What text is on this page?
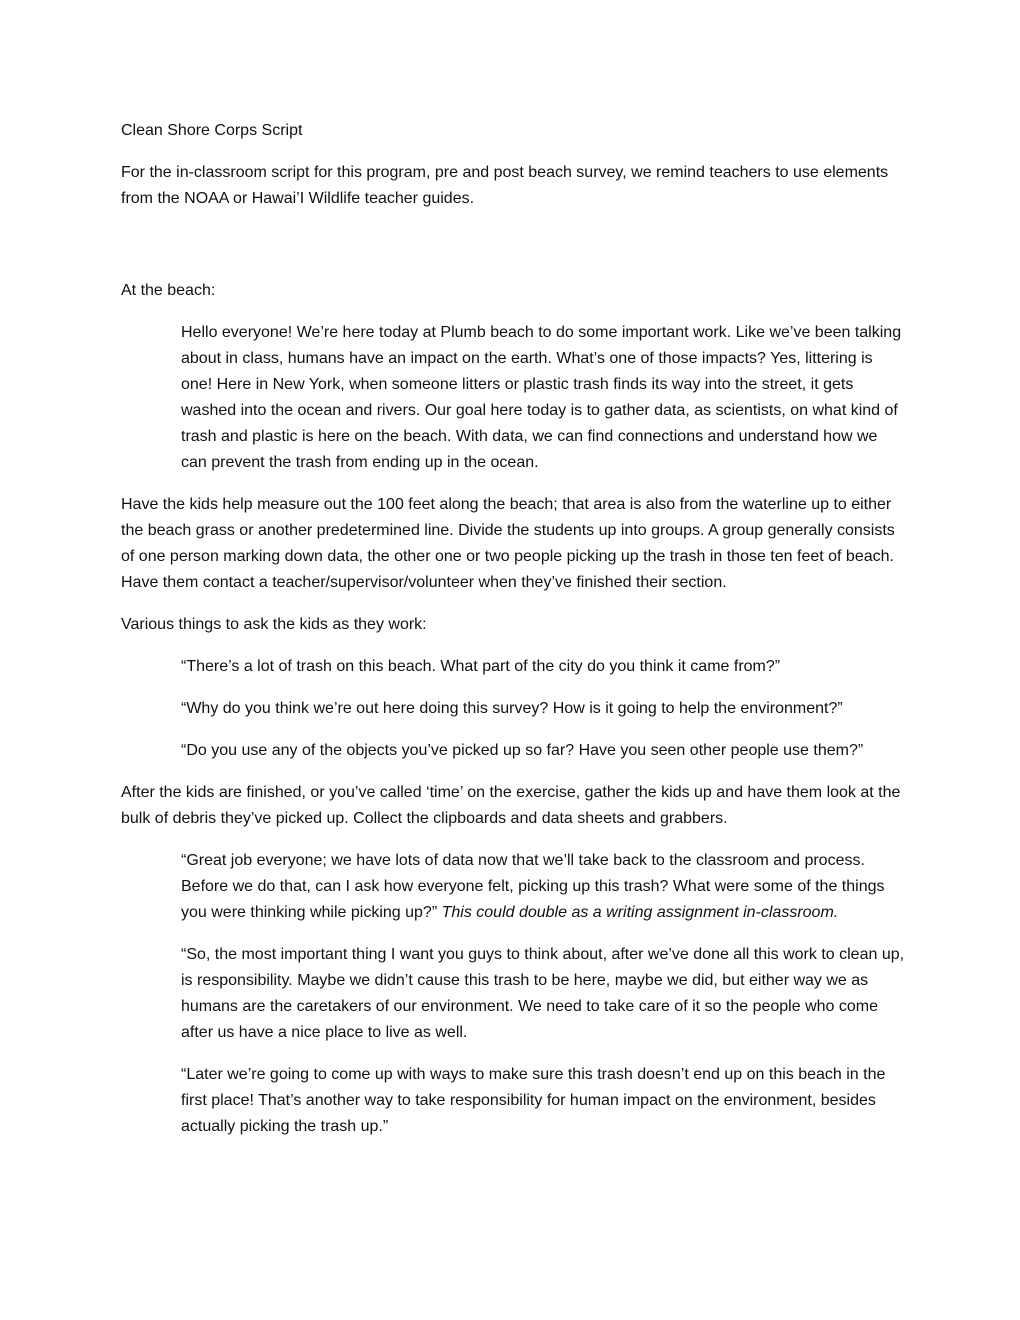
Clean Shore Corps Script

For the in-classroom script for this program, pre and post beach survey, we remind teachers to use elements from the NOAA or Hawai’I Wildlife teacher guides.

At the beach:

Hello everyone! We’re here today at Plumb beach to do some important work. Like we’ve been talking about in class, humans have an impact on the earth. What’s one of those impacts? Yes, littering is one! Here in New York, when someone litters or plastic trash finds its way into the street, it gets washed into the ocean and rivers. Our goal here today is to gather data, as scientists, on what kind of trash and plastic is here on the beach. With data, we can find connections and understand how we can prevent the trash from ending up in the ocean.

Have the kids help measure out the 100 feet along the beach; that area is also from the waterline up to either the beach grass or another predetermined line. Divide the students up into groups. A group generally consists of one person marking down data, the other one or two people picking up the trash in those ten feet of beach. Have them contact a teacher/supervisor/volunteer when they’ve finished their section.

Various things to ask the kids as they work:

“There’s a lot of trash on this beach. What part of the city do you think it came from?”

“Why do you think we’re out here doing this survey? How is it going to help the environment?”

“Do you use any of the objects you’ve picked up so far? Have you seen other people use them?”

After the kids are finished, or you’ve called ‘time’ on the exercise, gather the kids up and have them look at the bulk of debris they’ve picked up. Collect the clipboards and data sheets and grabbers.

“Great job everyone; we have lots of data now that we’ll take back to the classroom and process. Before we do that, can I ask how everyone felt, picking up this trash? What were some of the things you were thinking while picking up?” This could double as a writing assignment in-classroom.

“So, the most important thing I want you guys to think about, after we’ve done all this work to clean up, is responsibility. Maybe we didn’t cause this trash to be here, maybe we did, but either way we as humans are the caretakers of our environment. We need to take care of it so the people who come after us have a nice place to live as well.

“Later we’re going to come up with ways to make sure this trash doesn’t end up on this beach in the first place! That’s another way to take responsibility for human impact on the environment, besides actually picking the trash up.”
